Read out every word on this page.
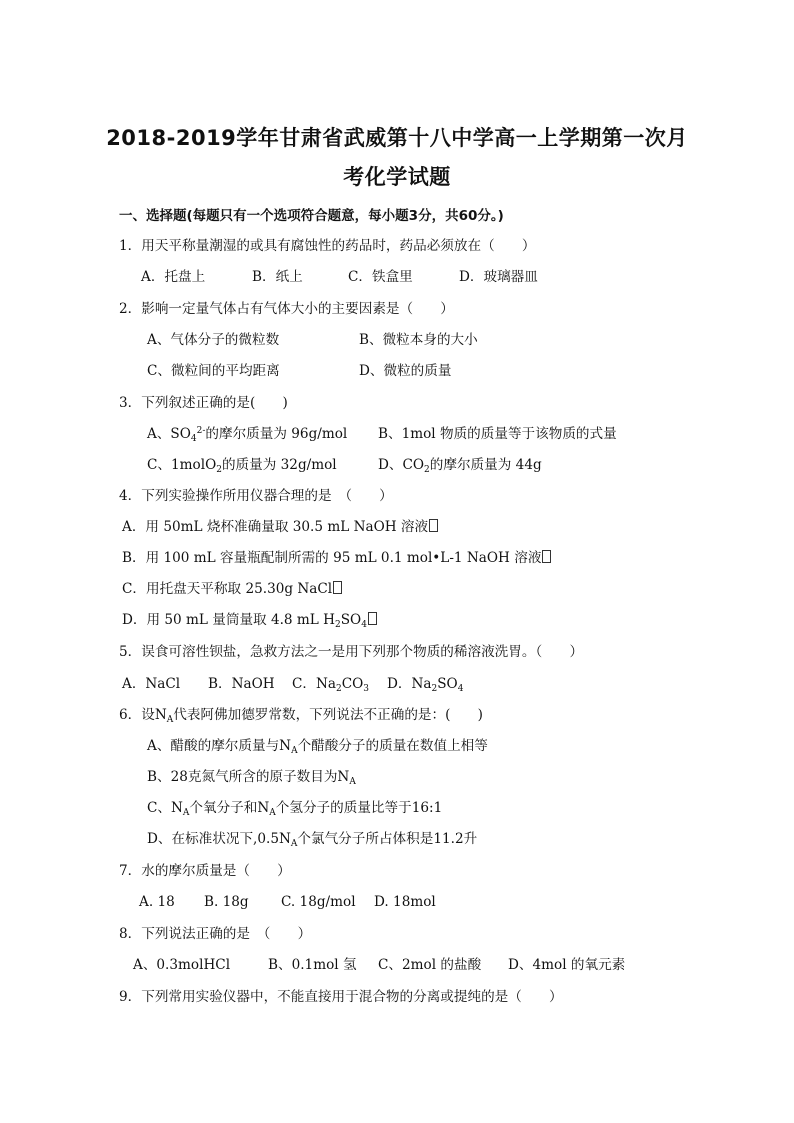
2018-2019学年甘肃省武威第十八中学高一上学期第一次月
考化学试题
一、选择题(每题只有一个选项符合题意，每小题3分，共60分。)
1．用天平称量潮湿的或具有腐蚀性的药品时，药品必须放在（　　）
A．托盘上	B．纸上	C．铁盒里	D．玻璃器皿
2．影响一定量气体占有气体大小的主要因素是（　　）
A、气体分子的微粒数	B、微粒本身的大小
C、微粒间的平均距离	D、微粒的质量
3．下列叙述正确的是(　　)
A、$SO_4^{2-}$的摩尔质量为 96g/mol B、1mol 物质的质量等于该物质的式量
C、1molO$_2$的质量为 32g/mol	D、$CO_2$的摩尔质量为 44g
4．下列实验操作所用仪器合理的是　（　　）
A．用 50mL 烧杯准确量取 30.5 mL NaOH 溶液
B．用 100 mL 容量瓶配制所需的 95 mL 0.1 mol•L-1 NaOH 溶液
C．用托盘天平称取 25.30g NaCl
D．用 50 mL 量筒量取 4.8 mL $H_2SO_4$
5．误食可溶性钡盐，急救方法之一是用下列那个物质的稀溶液洗胃。（　　）
A．NaCl B．NaOH C．$Na_2CO_3$ D．$Na_2SO_4$
6．设$N_A$代表阿佛加德罗常数，下列说法不正确的是：(　　)
A、醋酸的摩尔质量与$N_A$个醋酸分子的质量在数值上相等
B、28克氮气所含的原子数目为$N_A$
C、$N_A$个氧分子和$N_A$个氢分子的质量比等于16:1
D、在标准状况下$,0.5N_A$个氯气分子所占体积是11.2升
7．水的摩尔质量是（　　）
A. 18 B. 18g C. 18g/mol D. 18mol
8．下列说法正确的是　（　　）
A、0.3molHCl	B、0.1mol 氢 C、2mol 的盐酸 D、4mol 的氧元素
9．下列常用实验仪器中，不能直接用于混合物的分离或提纯的是（　　）
